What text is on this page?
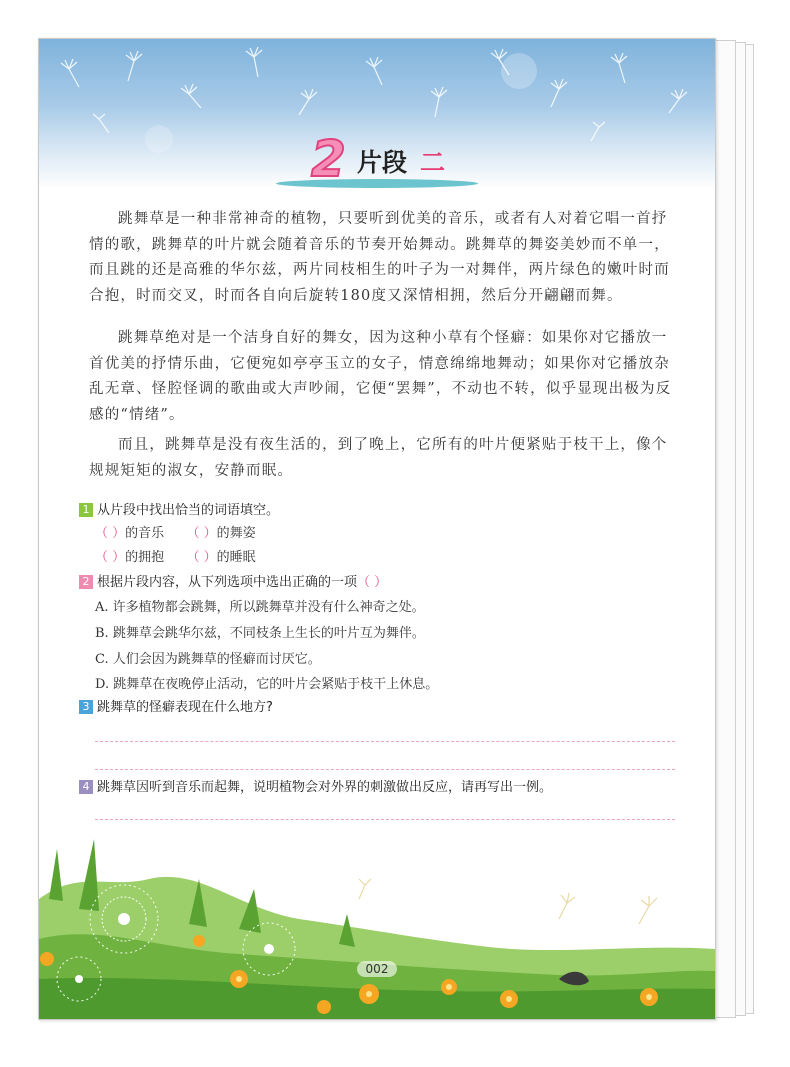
2 片段 二

跳舞草是一种非常神奇的植物，只要听到优美的音乐，或者有人对着它唱一首抒情的歌，跳舞草的叶片就会随着音乐的节奏开始舞动。跳舞草的舞姿美妙而不单一，而且跳的还是高雅的华尔兹，两片同枝相生的叶子为一对舞伴，两片绿色的嫩叶时而合抱，时而交叉，时而各自向后旋转180度又深情相拥，然后分开翩翩而舞。

跳舞草绝对是一个洁身自好的舞女，因为这种小草有个怪癖：如果你对它播放一首优美的抒情乐曲，它便宛如亭亭玉立的女子，情意绵绵地舞动；如果你对它播放杂乱无章、怪腔怪调的歌曲或大声吵闹，它便“罢舞”，不动也不转，似乎显现出极为反感的“情绪”。

而且，跳舞草是没有夜生活的，到了晚上，它所有的叶片便紧贴于枝干上，像个规规矩矩的淑女，安静而眠。

1 从片段中找出恰当的词语填空。
（ ）的音乐 （ ）的舞姿
（ ）的拥抱 （ ）的睡眠
2 根据片段内容，从下列选项中选出正确的一项（ ）
A. 许多植物都会跳舞，所以跳舞草并没有什么神奇之处。
B. 跳舞草会跳华尔兹，不同枝条上生长的叶片互为舞伴。
C. 人们会因为跳舞草的怪癖而讨厌它。
D. 跳舞草在夜晚停止活动，它的叶片会紧贴于枝干上休息。
3 跳舞草的怪癖表现在什么地方?
4 跳舞草因听到音乐而起舞，说明植物会对外界的刺激做出反应，请再写出一例。
002
